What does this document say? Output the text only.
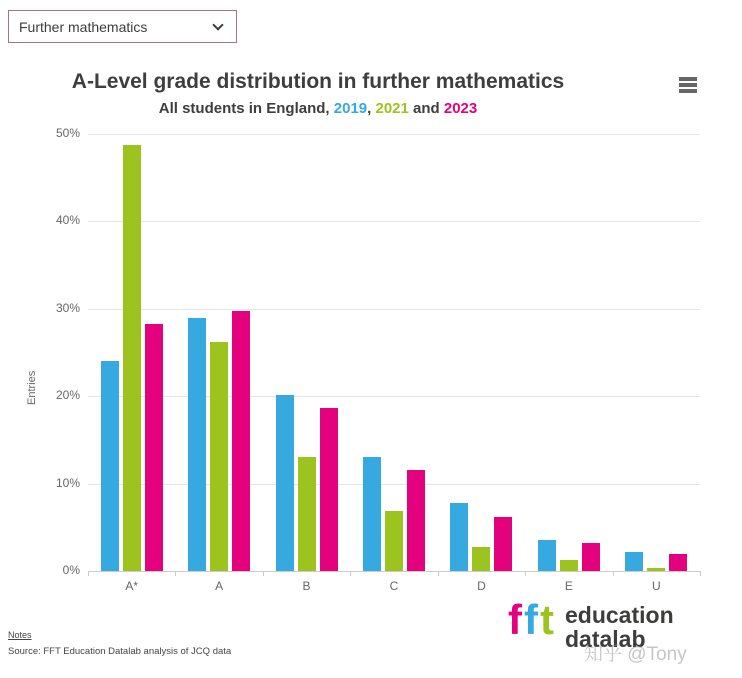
Further mathematics
A-Level grade distribution in further mathematics
All students in England, 2019, 2021 and 2023
Entries
0%
10%
20%
30%
40%
50%
A*	A	B	C	D	E	U
Notes
Source: FFT Education Datalab analysis of JCQ data
fft education
datalab
知乎 @Tony
